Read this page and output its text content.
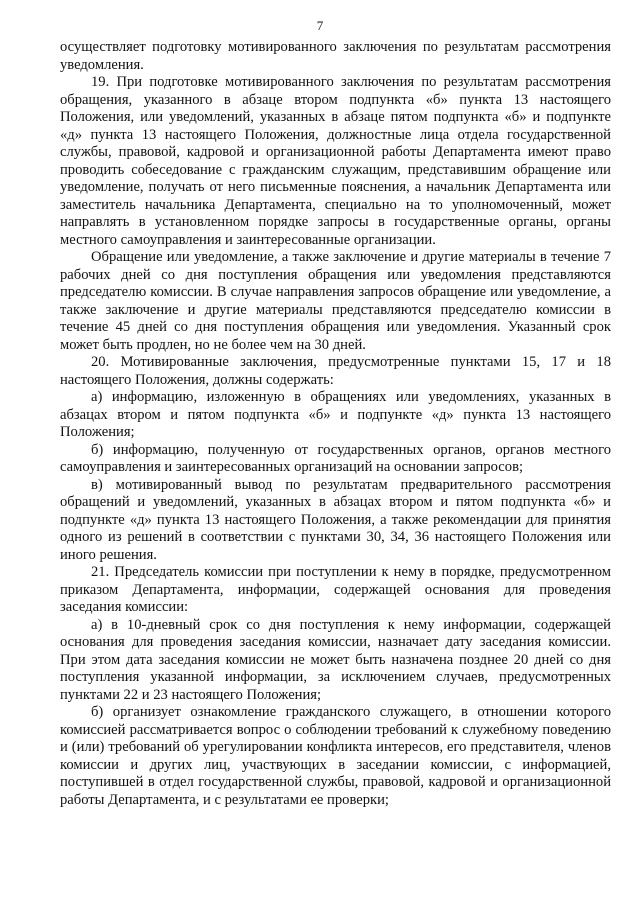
7

осуществляет подготовку мотивированного заключения по результатам рассмотрения уведомления.

19. При подготовке мотивированного заключения по результатам рассмотрения обращения, указанного в абзаце втором подпункта «б» пункта 13 настоящего Положения, или уведомлений, указанных в абзаце пятом подпункта «б» и подпункте «д» пункта 13 настоящего Положения, должностные лица отдела государственной службы, правовой, кадровой и организационной работы Департамента имеют право проводить собеседование с гражданским служащим, представившим обращение или уведомление, получать от него письменные пояснения, а начальник Департамента или заместитель начальника Департамента, специально на то уполномоченный, может направлять в установленном порядке запросы в государственные органы, органы местного самоуправления и заинтересованные организации.

Обращение или уведомление, а также заключение и другие материалы в течение 7 рабочих дней со дня поступления обращения или уведомления представляются председателю комиссии. В случае направления запросов обращение или уведомление, а также заключение и другие материалы представляются председателю комиссии в течение 45 дней со дня поступления обращения или уведомления. Указанный срок может быть продлен, но не более чем на 30 дней.

20. Мотивированные заключения, предусмотренные пунктами 15, 17 и 18 настоящего Положения, должны содержать:

а) информацию, изложенную в обращениях или уведомлениях, указанных в абзацах втором и пятом подпункта «б» и подпункте «д» пункта 13 настоящего Положения;

б) информацию, полученную от государственных органов, органов местного самоуправления и заинтересованных организаций на основании запросов;

в) мотивированный вывод по результатам предварительного рассмотрения обращений и уведомлений, указанных в абзацах втором и пятом подпункта «б» и подпункте «д» пункта 13 настоящего Положения, а также рекомендации для принятия одного из решений в соответствии с пунктами 30, 34, 36 настоящего Положения или иного решения.

21. Председатель комиссии при поступлении к нему в порядке, предусмотренном приказом Департамента, информации, содержащей основания для проведения заседания комиссии:

а) в 10-дневный срок со дня поступления к нему информации, содержащей основания для проведения заседания комиссии, назначает дату заседания комиссии. При этом дата заседания комиссии не может быть назначена позднее 20 дней со дня поступления указанной информации, за исключением случаев, предусмотренных пунктами 22 и 23 настоящего Положения;

б) организует ознакомление гражданского служащего, в отношении которого комиссией рассматривается вопрос о соблюдении требований к служебному поведению и (или) требований об урегулировании конфликта интересов, его представителя, членов комиссии и других лиц, участвующих в заседании комиссии, с информацией, поступившей в отдел государственной службы, правовой, кадровой и организационной работы Департамента, и с результатами ее проверки;
